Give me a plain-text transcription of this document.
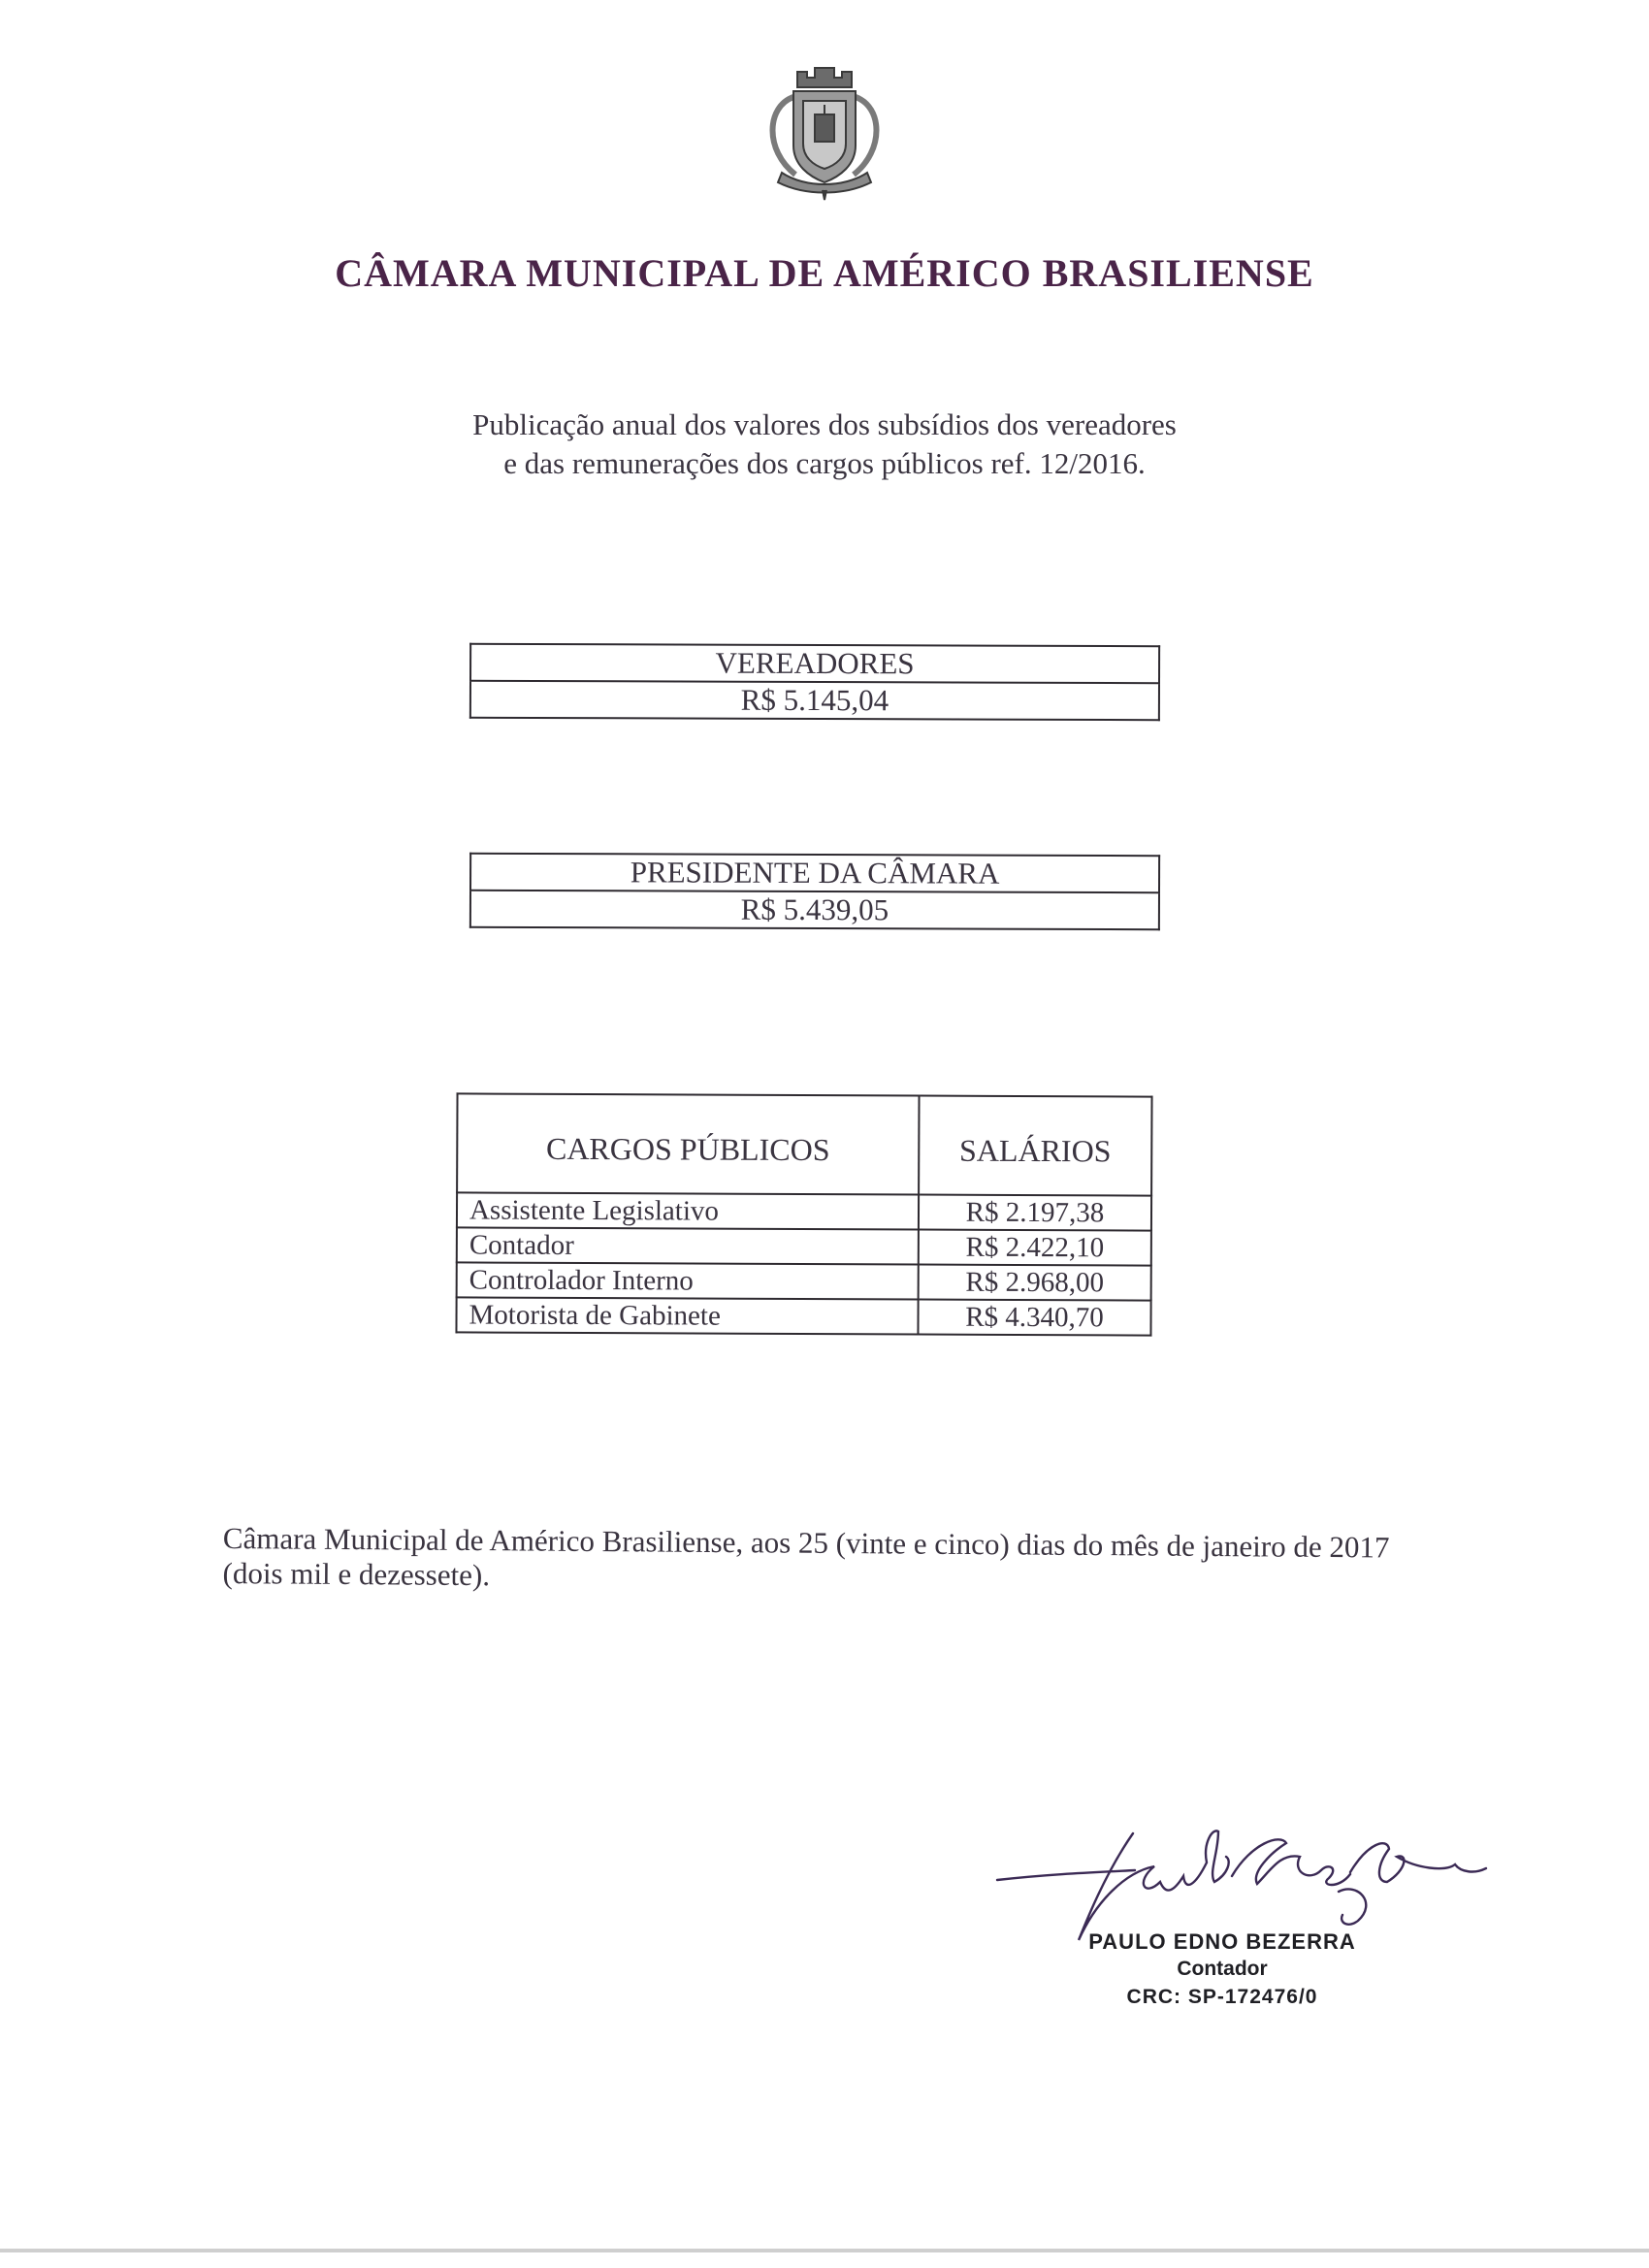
CÂMARA MUNICIPAL DE AMÉRICO BRASILIENSE
Publicação anual dos valores dos subsídios dos vereadores
e das remunerações dos cargos públicos ref. 12/2016.
VEREADORES
R$ 5.145,04
PRESIDENTE DA CÂMARA
R$ 5.439,05
CARGOS PÚBLICOS	SALÁRIOS
Assistente Legislativo	R$ 2.197,38
Contador	R$ 2.422,10
Controlador Interno	R$ 2.968,00
Motorista de Gabinete	R$ 4.340,70
Câmara Municipal de Américo Brasiliense, aos 25 (vinte e cinco) dias do mês de janeiro de 2017 (dois mil e dezessete).
PAULO EDNO BEZERRA
Contador
CRC: SP-172476/0
